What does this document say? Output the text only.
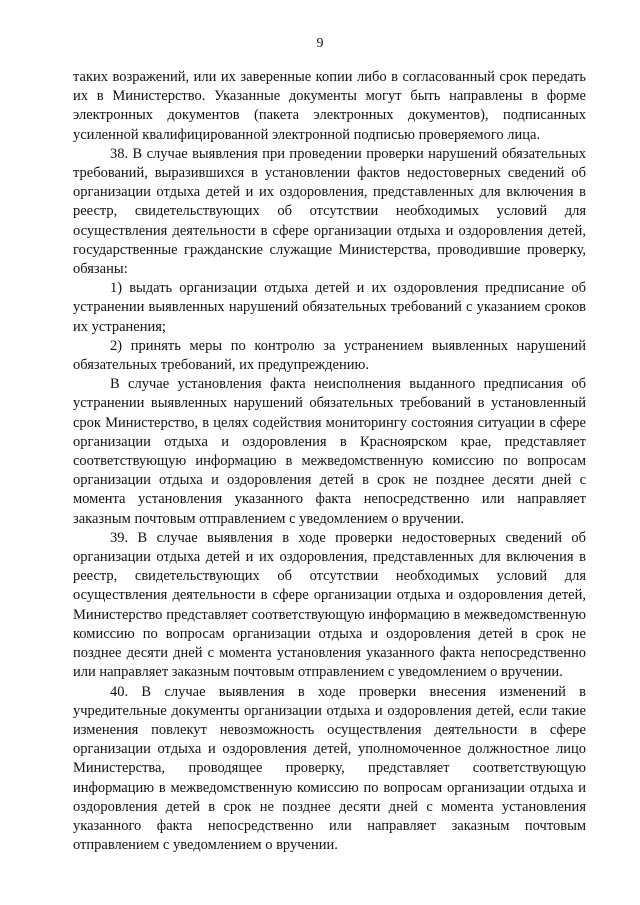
9

таких возражений, или их заверенные копии либо в согласованный срок передать их в Министерство. Указанные документы могут быть направлены в форме электронных документов (пакета электронных документов), подписанных усиленной квалифицированной электронной подписью проверяемого лица.

38. В случае выявления при проведении проверки нарушений обязательных требований, выразившихся в установлении фактов недостоверных сведений об организации отдыха детей и их оздоровления, представленных для включения в реестр, свидетельствующих об отсутствии необходимых условий для осуществления деятельности в сфере организации отдыха и оздоровления детей, государственные гражданские служащие Министерства, проводившие проверку, обязаны:

1) выдать организации отдыха детей и их оздоровления предписание об устранении выявленных нарушений обязательных требований с указанием сроков их устранения;

2) принять меры по контролю за устранением выявленных нарушений обязательных требований, их предупреждению.

В случае установления факта неисполнения выданного предписания об устранении выявленных нарушений обязательных требований в установленный срок Министерство, в целях содействия мониторингу состояния ситуации в сфере организации отдыха и оздоровления в Красноярском крае, представляет соответствующую информацию в межведомственную комиссию по вопросам организации отдыха и оздоровления детей в срок не позднее десяти дней с момента установления указанного факта непосредственно или направляет заказным почтовым отправлением с уведомлением о вручении.

39. В случае выявления в ходе проверки недостоверных сведений об организации отдыха детей и их оздоровления, представленных для включения в реестр, свидетельствующих об отсутствии необходимых условий для осуществления деятельности в сфере организации отдыха и оздоровления детей, Министерство представляет соответствующую информацию в межведомственную комиссию по вопросам организации отдыха и оздоровления детей в срок не позднее десяти дней с момента установления указанного факта непосредственно или направляет заказным почтовым отправлением с уведомлением о вручении.

40. В случае выявления в ходе проверки внесения изменений в учредительные документы организации отдыха и оздоровления детей, если такие изменения повлекут невозможность осуществления деятельности в сфере организации отдыха и оздоровления детей, уполномоченное должностное лицо Министерства, проводящее проверку, представляет соответствующую информацию в межведомственную комиссию по вопросам организации отдыха и оздоровления детей в срок не позднее десяти дней с момента установления указанного факта непосредственно или направляет заказным почтовым отправлением с уведомлением о вручении.
